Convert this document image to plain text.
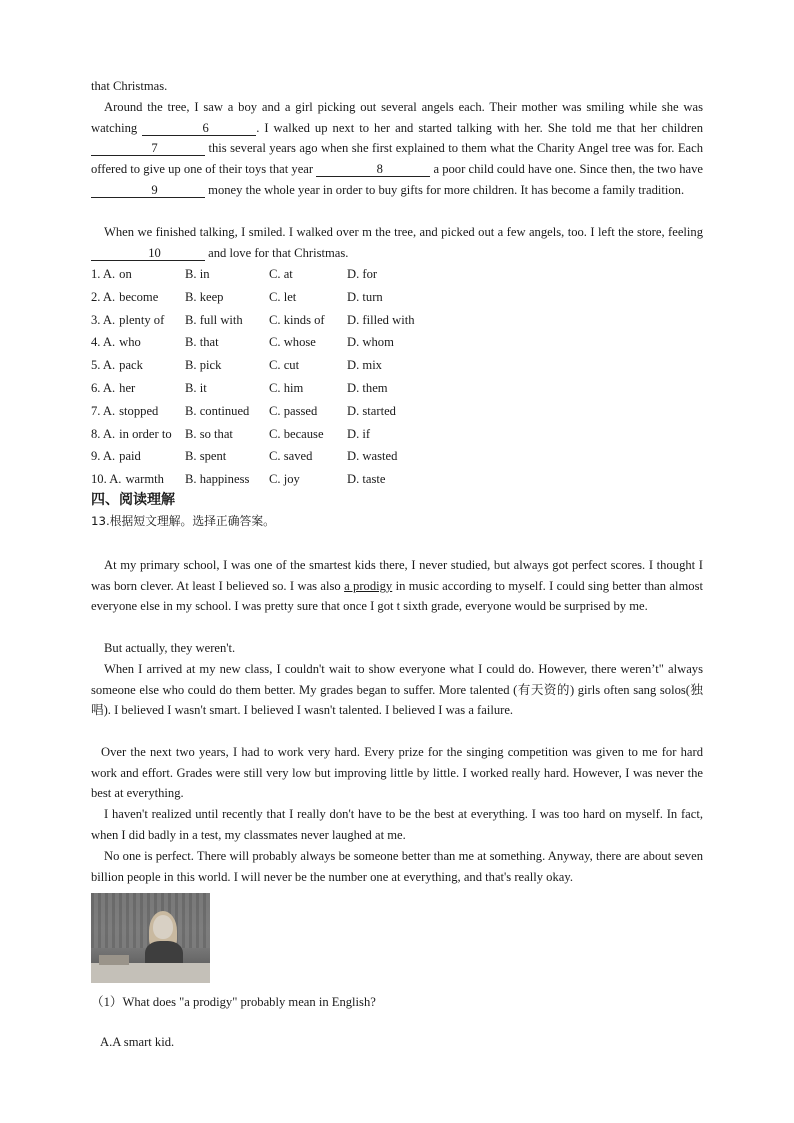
that Christmas.

Around the tree, I saw a boy and a girl picking out several angels each. Their mother was smiling while she was watching	6	. I walked up next to her and started talking with her. She told me that her children 7	this several years ago when she first explained to them what the Charity Angel tree was for. Each offered to give up one of their toys that year	8	a poor child could have one. Since then, the two have 9	money the whole year in order to buy gifts for more children. It has become a family tradition.

When we finished talking, I smiled. I walked over m the tree, and picked out a few angels, too. I left the store, feeling 10	and love for that Christmas.

1. A. on	B. in	C. at	D. for
2. A. become B. keep	C. let	D. turn
3. A. plenty of B. full with C. kinds of D. filled with
4. A. who	B. that	C. whose D. whom
5. A. pack	B. pick	C. cut	D. mix
6. A. her	B. it	C. him	D. them
7. A. stopped B. continued C. passed D. started
8. A. in order to B. so that	C. because D. if
9. A. paid	B. spent	C. saved	D. wasted
10. A. warmth B. happiness C. joy	D. taste

四、阅读理解

13.根据短文理解。选择正确答案。

At my primary school, I was one of the smartest kids there, I never studied, but always got perfect scores. I thought I was born clever. At least I believed so. I was also a prodigy in music according to myself. I could sing better than almost everyone else in my school. I was pretty sure that once I got t sixth grade, everyone would be surprised by me.

But actually, they weren't.

When I arrived at my new class, I couldn't wait to show everyone what I could do. However, there weren’t" always someone else who could do them better. My grades began to suffer. More talented (有天资的) girls often sang solos(独唱). I believed I wasn't smart. I believed I wasn't talented. I believed I was a failure.

Over the next two years, I had to work very hard. Every prize for the singing competition was given to me for hard work and effort. Grades were still very low but improving little by little. I worked really hard. However, I was never the best at everything.

I haven't realized until recently that I really don't have to be the best at everything. I was too hard on myself. In fact, when I did badly in a test, my classmates never laughed at me.

No one is perfect. There will probably always be someone better than me at something. Anyway, there are about seven billion people in this world. I will never be the number one at everything, and that's really okay.

（1）What does "a prodigy" probably mean in English?

A.A smart kid.
